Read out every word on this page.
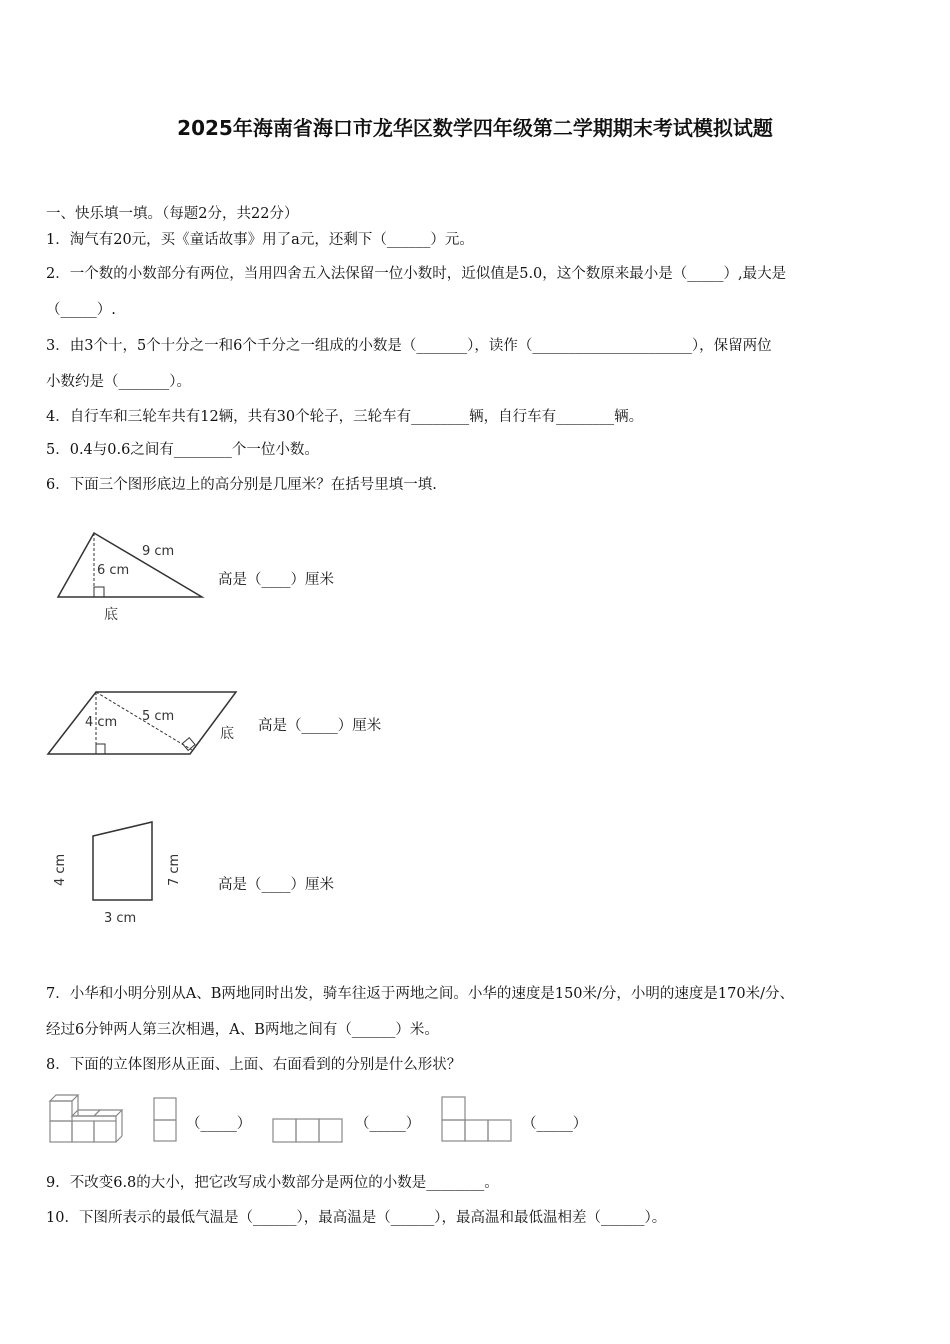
2025年海南省海口市龙华区数学四年级第二学期期末考试模拟试题
一、快乐填一填。（每题2分，共22分）
1．淘气有20元，买《童话故事》用了a元，还剩下（______）元。
2．一个数的小数部分有两位，当用四舍五入法保留一位小数时，近似值是5.0，这个数原来最小是（_____）,最大是
（_____）.
3．由3个十，5个十分之一和6个千分之一组成的小数是（_______），读作（______________________），保留两位
小数约是（_______）。
4．自行车和三轮车共有12辆，共有30个轮子，三轮车有________辆，自行车有________辆。
5．0.4与0.6之间有________个一位小数。
6．下面三个图形底边上的高分别是几厘米？在括号里填一填.
9 cm
6 cm
底
高是（____）厘米
4 cm 5 cm
底 高是（_____）厘米
4 cm	7 cm
3 cm
高是（____）厘米
7．小华和小明分别从A、B两地同时出发，骑车往返于两地之间。小华的速度是150米/分，小明的速度是170米/分、
经过6分钟两人第三次相遇，A、B两地之间有（______）米。
8．下面的立体图形从正面、上面、右面看到的分别是什么形状？
（_____）	（_____）	（_____）
9．不改变6.8的大小，把它改写成小数部分是两位的小数是________。
10．下图所表示的最低气温是（______），最高温是（______），最高温和最低温相差（______）。
